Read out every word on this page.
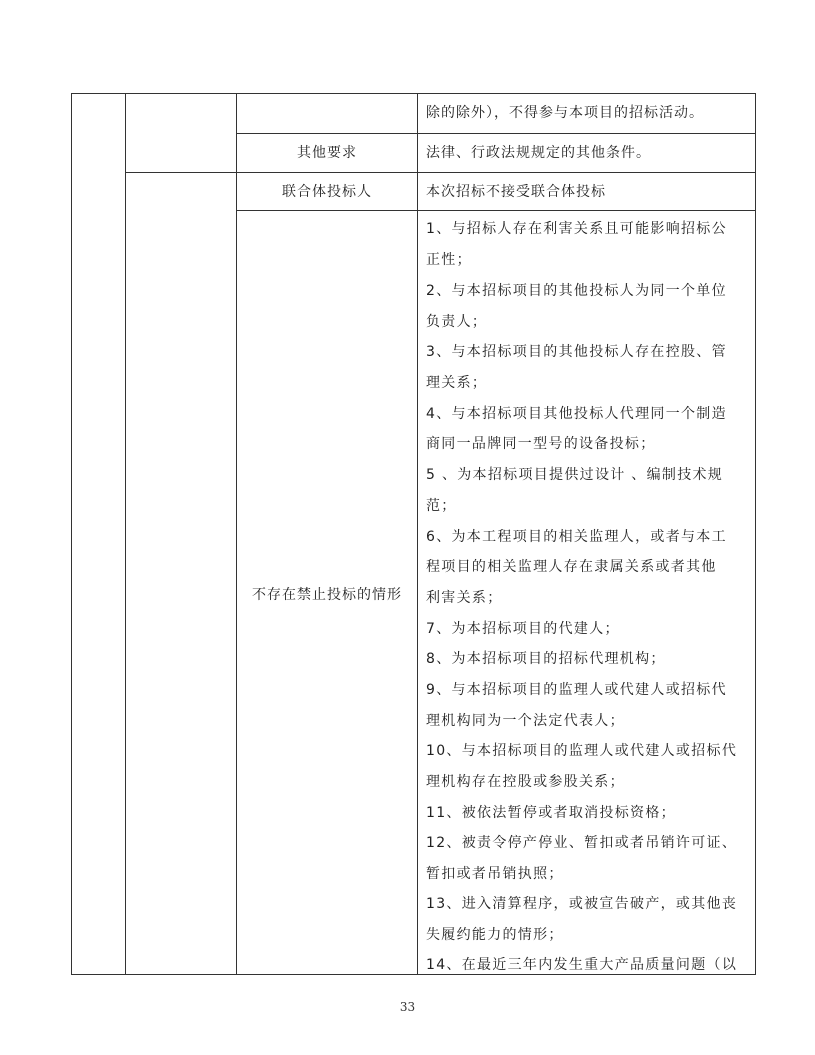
除的除外），不得参与本项目的招标活动。
其他要求	法律、行政法规规定的其他条件。
联合体投标人	本次招标不接受联合体投标
不存在禁止投标的情形
1、与招标人存在利害关系且可能影响招标公
正性；
2、与本招标项目的其他投标人为同一个单位
负责人；
3、与本招标项目的其他投标人存在控股、管
理关系；
4、与本招标项目其他投标人代理同一个制造
商同一品牌同一型号的设备投标；
5 、为本招标项目提供过设计 、编制技术规
范；
6、为本工程项目的相关监理人，或者与本工
程项目的相关监理人存在隶属关系或者其他
利害关系；
7、为本招标项目的代建人；
8、为本招标项目的招标代理机构；
9、与本招标项目的监理人或代建人或招标代
理机构同为一个法定代表人；
10、与本招标项目的监理人或代建人或招标代
理机构存在控股或参股关系；
11、被依法暂停或者取消投标资格；
12、被责令停产停业、暂扣或者吊销许可证、
暂扣或者吊销执照；
13、进入清算程序，或被宣告破产，或其他丧
失履约能力的情形；
14、在最近三年内发生重大产品质量问题（以
33
